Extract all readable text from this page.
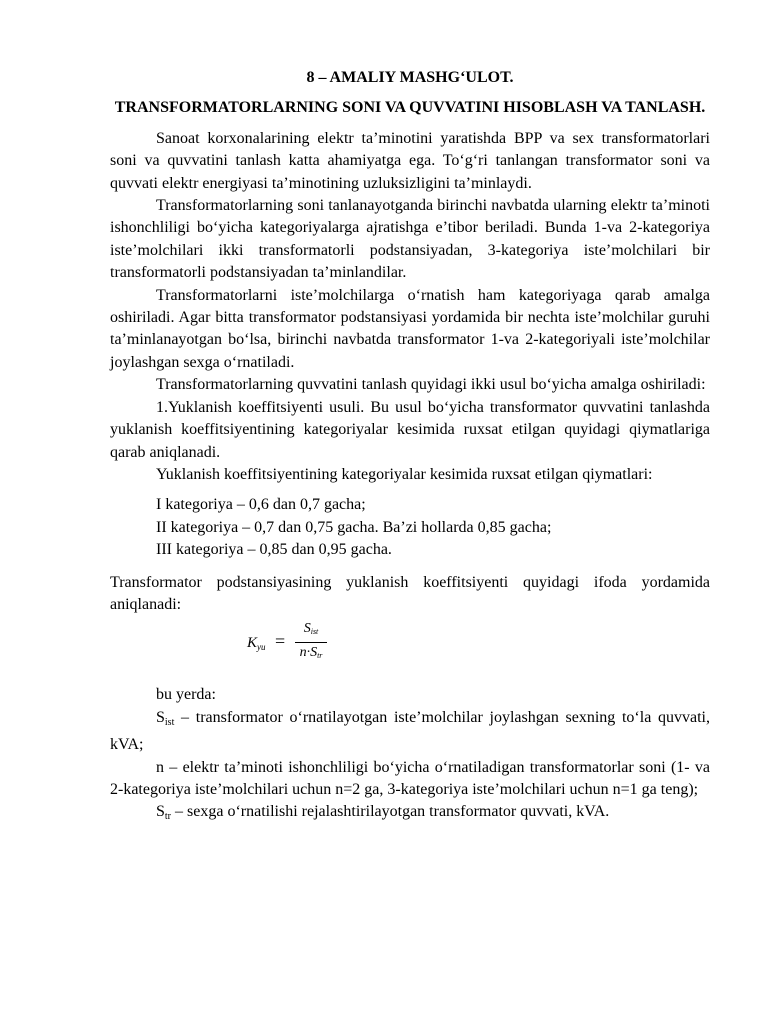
8 – AMALIY MASHG‘ULOT.
TRANSFORMATORLARNING SONI VA QUVVATINI HISOBLASH VA TANLASH.

Sanoat korxonalarining elektr ta’minotini yaratishda BPP va sex transformatorlari soni va quvvatini tanlash katta ahamiyatga ega. To‘g‘ri tanlangan transformator soni va quvvati elektr energiyasi ta’minotining uzluksizligini ta’minlaydi.

Transformatorlarning soni tanlanayotganda birinchi navbatda ularning elektr ta’minoti ishonchliligi bo‘yicha kategoriyalarga ajratishga e’tibor beriladi. Bunda 1-va 2-kategoriya iste’molchilari ikki transformatorli podstansiyadan, 3-kategoriya iste’molchilari bir transformatorli podstansiyadan ta’minlandilar.

Transformatorlarni iste’molchilarga o‘rnatish ham kategoriyaga qarab amalga oshiriladi. Agar bitta transformator podstansiyasi yordamida bir nechta iste’molchilar guruhi ta’minlanayotgan bo‘lsa, birinchi navbatda transformator 1-va 2-kategoriyali iste’molchilar joylashgan sexga o‘rnatiladi.

Transformatorlarning quvvatini tanlash quyidagi ikki usul bo‘yicha amalga oshiriladi:

1.Yuklanish koeffitsiyenti usuli. Bu usul bo‘yicha transformator quvvatini tanlashda yuklanish koeffitsiyentining kategoriyalar kesimida ruxsat etilgan quyidagi qiymatlariga qarab aniqlanadi.

Yuklanish koeffitsiyentining kategoriyalar kesimida ruxsat etilgan qiymatlari:

I kategoriya – 0,6 dan 0,7 gacha;
II kategoriya – 0,7 dan 0,75 gacha. Ba’zi hollarda 0,85 gacha;
III kategoriya – 0,85 dan 0,95 gacha.

Transformator podstansiyasining yuklanish koeffitsiyenti quyidagi ifoda yordamida aniqlanadi:

$K_{yu}$ =
$S_{ist}$
$n\cdot S_{tr}$

bu yerda:

Sist – transformator o‘rnatilayotgan iste’molchilar joylashgan sexning to‘la quvvati, kVA;

n – elektr ta’minoti ishonchliligi bo‘yicha o‘rnatiladigan transformatorlar soni (1- va 2-kategoriya iste’molchilari uchun n=2 ga, 3-kategoriya iste’molchilari uchun n=1 ga teng);

Str – sexga o‘rnatilishi rejalashtirilayotgan transformator quvvati, kVA.
